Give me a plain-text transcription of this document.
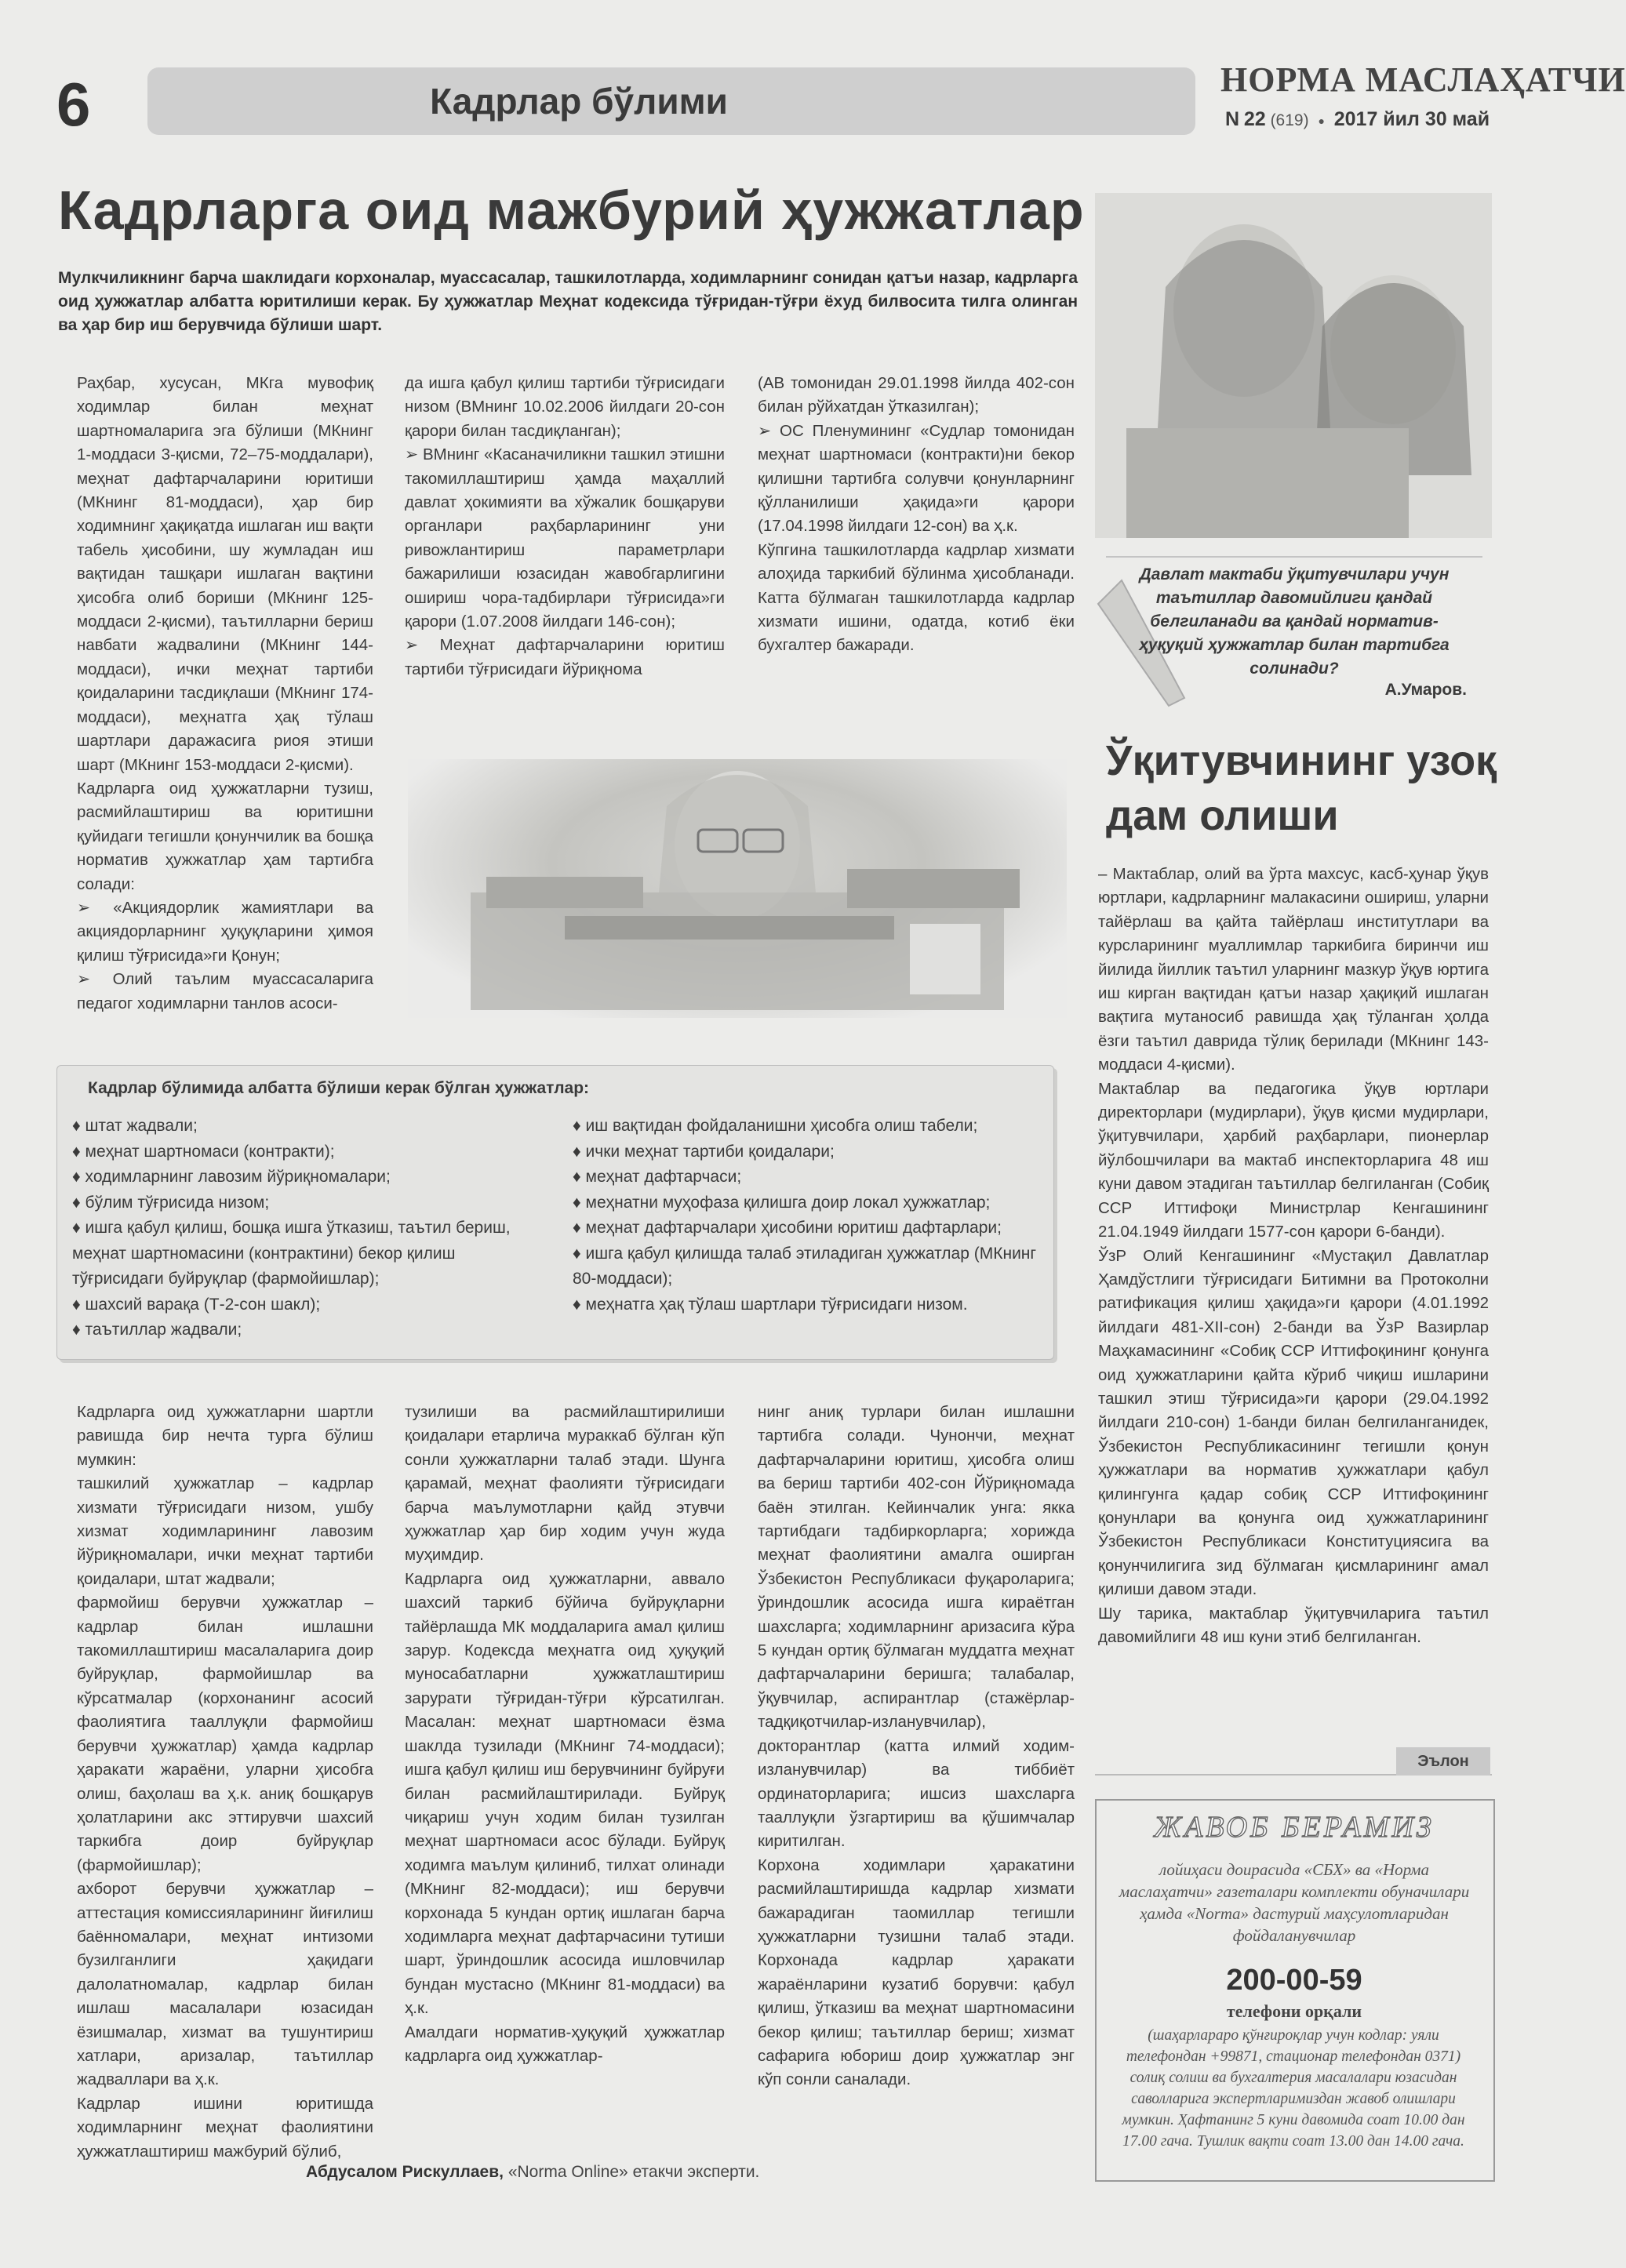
6	Кадрлар бўлими
НОРМА МАСЛАҲАТЧИ
N 22 (619) ● 2017 йил 30 май
Кадрларга оид мажбурий ҳужжатлар
Мулкчиликнинг барча шаклидаги корхоналар, муассасалар, ташкилотларда, ходимларнинг сонидан қатъи назар, кадрларга оид ҳужжатлар албатта юритилиши керак. Бу ҳужжатлар Меҳнат кодексида тўғридан-тўғри ёхуд билвосита тилга олинган ва ҳар бир иш берувчида бўлиши шарт.

Раҳбар, хусусан, МКга мувофиқ ходимлар билан меҳнат шартномаларига эга бўлиши (МКнинг 1-моддаси 3-қисми, 72–75-моддалари), меҳнат дафтарчаларини юритиши (МКнинг 81-моддаси), ҳар бир ходимнинг ҳақиқатда ишлаган иш вақти табель ҳисобини, шу жумладан иш вақтидан ташқари ишлаган вақтини ҳисобга олиб бориши (МКнинг 125-моддаси 2-қисми), таътилларни бериш навбати жадвалини (МКнинг 144-моддаси), ички меҳнат тартиби қоидаларини тасдиқлаши (МКнинг 174-моддаси), меҳнатга ҳақ тўлаш шартлари даражасига риоя этиши шарт (МКнинг 153-моддаси 2-қисми).
Кадрларга оид ҳужжатларни тузиш, расмийлаштириш ва юритишни қуйидаги тегишли қонунчилик ва бошқа норматив ҳужжатлар ҳам тартибга солади:
➢ «Акциядорлик жамиятлари ва акциядорларнинг ҳуқуқларини ҳимоя қилиш тўғрисида»ги Қонун;
➢ Олий таълим муассасаларига педагог ходимларни танлов асоси-

да ишга қабул қилиш тартиби тўғрисидаги низом (ВМнинг 10.02.2006 йилдаги 20-сон қарори билан тасдиқланган);
➢ ВМнинг «Касаначиликни ташкил этишни такомиллаштириш ҳамда маҳаллий давлат ҳокимияти ва хўжалик бошқаруви органлари раҳбарларининг уни ривожлантириш параметрлари бажарилиши юзасидан жавобгарлигини ошириш чора-тадбирлари тўғрисида»ги қарори (1.07.2008 йилдаги 146-сон);
➢ Меҳнат дафтарчаларини юритиш тартиби тўғрисидаги йўриқнома

(АВ томонидан 29.01.1998 йилда 402-сон билан рўйхатдан ўтказилган);
➢ ОС Пленумининг «Судлар томонидан меҳнат шартномаси (контракти)ни бекор қилишни тартибга солувчи қонунларнинг қўлланилиши ҳақида»ги қарори (17.04.1998 йилдаги 12-сон) ва ҳ.к.
Кўпгина ташкилотларда кадрлар хизмати алоҳида таркибий бўлинма ҳисобланади. Катта бўлмаган ташкилотларда кадрлар хизмати ишини, одатда, котиб ёки бухгалтер бажаради.

Давлат мактаби ўқитувчилари учун таътиллар давомийлиги қандай белгиланади ва қандай норматив-ҳуқуқий ҳужжатлар билан тартибга солинади?
А.Умаров.
Ўқитувчининг узоқ дам олиши

– Мактаблар, олий ва ўрта махсус, касб-ҳунар ўқув юртлари, кадрларнинг малакасини ошириш, уларни тайёрлаш ва қайта тайёрлаш институтлари ва курсларининг муаллимлар таркибига биринчи иш йилида йиллик таътил уларнинг мазкур ўқув юртига иш кирган вақтидан қатъи назар ҳақиқий ишлаган вақтига мутаносиб равишда ҳақ тўланган ҳолда ёзги таътил даврида тўлиқ берилади (МКнинг 143-моддаси 4-қисми).
Мактаблар ва педагогика ўқув юртлари директорлари (мудирлари), ўқув қисми мудирлари, ўқитувчилари, ҳарбий раҳбарлари, пионерлар йўлбошчилари ва мактаб инспекторларига 48 иш куни давом этадиган таътиллар белгиланган (Собиқ ССР Иттифоқи Министрлар Кенгашининг 21.04.1949 йилдаги 1577-сон қарори 6-банди).
ЎзР Олий Кенгашининг «Мустақил Давлатлар Ҳамдўстлиги тўғрисидаги Битимни ва Протоколни ратификация қилиш ҳақида»ги қарори (4.01.1992 йилдаги 481-XII-сон) 2-банди ва ЎзР Вазирлар Маҳкамасининг «Собиқ ССР Иттифоқининг қонунга оид ҳужжатларини қайта кўриб чиқиш ишларини ташкил этиш тўғрисида»ги қарори (29.04.1992 йилдаги 210-сон) 1-банди билан белгиланганидек, Ўзбекистон Республикасининг тегишли қонун ҳужжатлари ва норматив ҳужжатлари қабул қилингунга қадар собиқ ССР Иттифоқининг қонунлари ва қонунга оид ҳужжатларининг Ўзбекистон Республикаси Конституциясига ва қонунчилигига зид бўлмаган қисмларининг амал қилиши давом этади.
Шу тарика, мактаблар ўқитувчиларига таътил давомийлиги 48 иш куни этиб белгиланган.

Кадрлар бўлимида албатта бўлиши керак бўлган ҳужжатлар:
♦ штат жадвали;
♦ меҳнат шартномаси (контракти);
♦ ходимларнинг лавозим йўриқномалари;
♦ бўлим тўғрисида низом;
♦ ишга қабул қилиш, бошқа ишга ўтказиш, таътил бериш, меҳнат шартномасини (контрактини) бекор қилиш тўғрисидаги буйруқлар (фармойишлар);
♦ шахсий варақа (Т-2-сон шакл);
♦ таътиллар жадвали;
♦ иш вақтидан фойдаланишни ҳисобга олиш табели;
♦ ички меҳнат тартиби қоидалари;
♦ меҳнат дафтарчаси;
♦ меҳнатни муҳофаза қилишга доир локал ҳужжатлар;
♦ меҳнат дафтарчалари ҳисобини юритиш дафтарлари;
♦ ишга қабул қилишда талаб этиладиган ҳужжатлар (МКнинг 80-моддаси);
♦ меҳнатга ҳақ тўлаш шартлари тўғрисидаги низом.

Кадрларга оид ҳужжатларни шартли равишда бир нечта турга бўлиш мумкин:
ташкилий ҳужжатлар – кадрлар хизмати тўғрисидаги низом, ушбу хизмат ходимларининг лавозим йўриқномалари, ички меҳнат тартиби қоидалари, штат жадвали;
фармойиш берувчи ҳужжатлар – кадрлар билан ишлашни такомиллаштириш масалаларига доир буйруқлар, фармойишлар ва кўрсатмалар (корхонанинг асосий фаолиятига тааллуқли фармойиш берувчи ҳужжатлар) ҳамда кадрлар ҳаракати жараёни, уларни ҳисобга олиш, баҳолаш ва ҳ.к. аниқ бошқарув ҳолатларини акс эттирувчи шахсий таркибга доир буйруқлар (фармойишлар);
ахборот берувчи ҳужжатлар – аттестация комиссияларининг йиғилиш баённомалари, меҳнат интизоми бузилганлиги ҳақидаги далолатномалар, кадрлар билан ишлаш масалалари юзасидан ёзишмалар, хизмат ва тушунтириш хатлари, аризалар, таътиллар жадваллари ва ҳ.к.
Кадрлар ишини юритишда ходимларнинг меҳнат фаолиятини ҳужжатлаштириш мажбурий бўлиб,

тузилиши ва расмийлаштирилиши қоидалари етарлича мураккаб бўлган кўп сонли ҳужжатларни талаб этади. Шунга қарамай, меҳнат фаолияти тўғрисидаги барча маълумотларни қайд этувчи ҳужжатлар ҳар бир ходим учун жуда муҳимдир.
Кадрларга оид ҳужжатларни, аввало шахсий таркиб бўйича буйруқларни тайёрлашда МК моддаларига амал қилиш зарур. Кодексда меҳнатга оид ҳуқуқий муносабатларни ҳужжатлаштириш зарурати тўғридан-тўғри кўрсатилган. Масалан: меҳнат шартномаси ёзма шаклда тузилади (МКнинг 74-моддаси); ишга қабул қилиш иш берувчининг буйруғи билан расмийлаштирилади. Буйруқ чиқариш учун ходим билан тузилган меҳнат шартномаси асос бўлади. Буйруқ ходимга маълум қилиниб, тилхат олинади (МКнинг 82-моддаси); иш берувчи корхонада 5 кундан ортиқ ишлаган барча ходимларга меҳнат дафтарчасини тутиши шарт, ўриндошлик асосида ишловчилар бундан мустасно (МКнинг 81-моддаси) ва ҳ.к.
Амалдаги норматив-ҳуқуқий ҳужжатлар кадрларга оид ҳужжатлар-

нинг аниқ турлари билан ишлашни тартибга солади. Чунончи, меҳнат дафтарчаларини юритиш, ҳисобга олиш ва бериш тартиби 402-сон Йўриқномада баён этилган. Кейинчалик унга: якка тартибдаги тадбиркорларга; хорижда меҳнат фаолиятини амалга оширган Ўзбекистон Республикаси фуқароларига; ўриндошлик асосида ишга кираётган шахсларга; ходимларнинг аризасига кўра 5 кундан ортиқ бўлмаган муддатга меҳнат дафтарчаларини беришга; талабалар, ўқувчилар, аспирантлар (стажёрлар-тадқиқотчилар-изланувчилар), докторантлар (катта илмий ходим-изланувчилар) ва тиббиёт ординаторларига; ишсиз шахсларга тааллуқли ўзгартириш ва қўшимчалар киритилган.
Корхона ходимлари ҳаракатини расмийлаштиришда кадрлар хизмати бажарадиган таомиллар тегишли ҳужжатларни тузишни талаб этади. Корхонада кадрлар ҳаракати жараёнларини кузатиб борувчи: қабул қилиш, ўтказиш ва меҳнат шартномасини бекор қилиш; таътиллар бериш; хизмат сафарига юбориш доир ҳужжатлар энг кўп сонли саналади.

Абдусалом Рискуллаев, «Norma Online» етакчи эксперти.
Эълон
ЖАВОБ БЕРАМИЗ
лойиҳаси доирасида «СБХ» ва «Норма маслаҳатчи» газеталари комплекти обуначилари ҳамда «Norma» дастурий маҳсулотларидан фойдаланувчилар
200-00-59
телефони орқали
(шаҳарлараро қўнғироқлар учун кодлар: уяли телефондан +99871, стационар телефондан 0371) солиқ солиш ва бухгалтерия масалалари юзасидан саволларига экспертларимиздан жавоб олишлари мумкин. Ҳафтанинг 5 куни давомида соат 10.00 дан 17.00 гача. Тушлик вақти соат 13.00 дан 14.00 гача.
